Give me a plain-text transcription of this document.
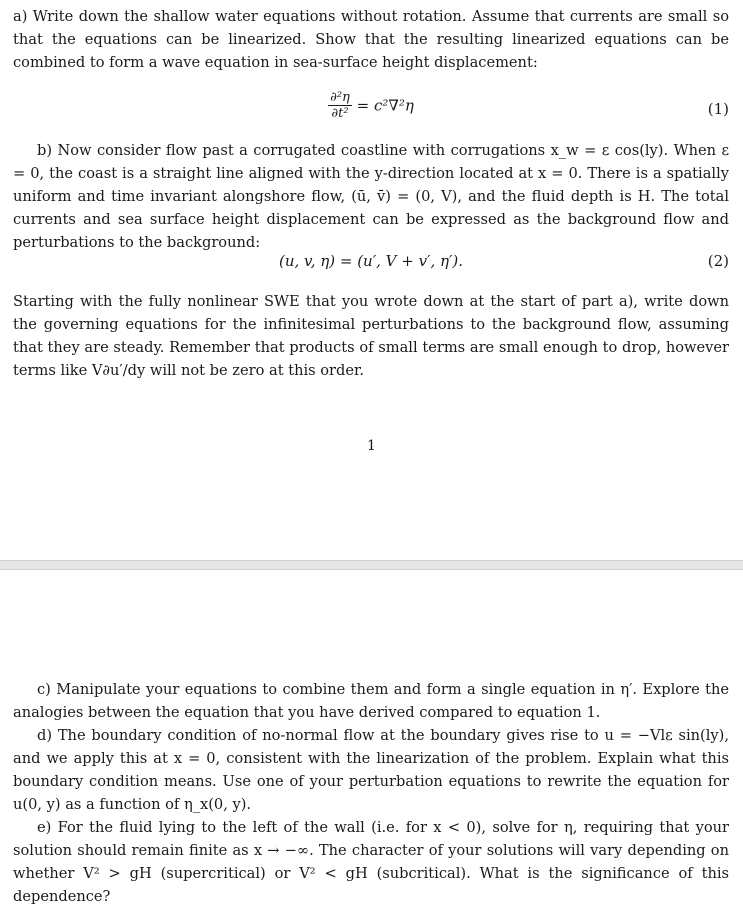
a) Write down the shallow water equations without rotation. Assume that currents are small so that the equations can be linearized. Show that the resulting linearized equations can be combined to form a wave equation in sea-surface height displacement:

$\frac{\text{∂²η}}{\text{∂t²}} = c^2\nabla^2\eta$	(1)

b) Now consider flow past a corrugated coastline with corrugations x_w = ε cos(ly). When ε = 0, the coast is a straight line aligned with the y-direction located at x = 0. There is a spatially uniform and time invariant alongshore flow, (ū, v̄) = (0, V), and the fluid depth is H. The total currents and sea surface height displacement can be expressed as the background flow and perturbations to the background:

(u, v, η) = (u′, V + v′, η′).	(2)

Starting with the fully nonlinear SWE that you wrote down at the start of part a), write down the governing equations for the infinitesimal perturbations to the background flow, assuming that they are steady. Remember that products of small terms are small enough to drop, however terms like V∂u′/dy will not be zero at this order.

1

c) Manipulate your equations to combine them and form a single equation in η′. Explore the analogies between the equation that you have derived compared to equation 1.

d) The boundary condition of no-normal flow at the boundary gives rise to u = −Vlε sin(ly), and we apply this at x = 0, consistent with the linearization of the problem. Explain what this boundary condition means. Use one of your perturbation equations to rewrite the equation for u(0, y) as a function of η_x(0, y).

e) For the fluid lying to the left of the wall (i.e. for x < 0), solve for η, requiring that your solution should remain finite as x → −∞. The character of your solutions will vary depending on whether V² > gH (supercritical) or V² < gH (subcritical). What is the significance of this dependence?
